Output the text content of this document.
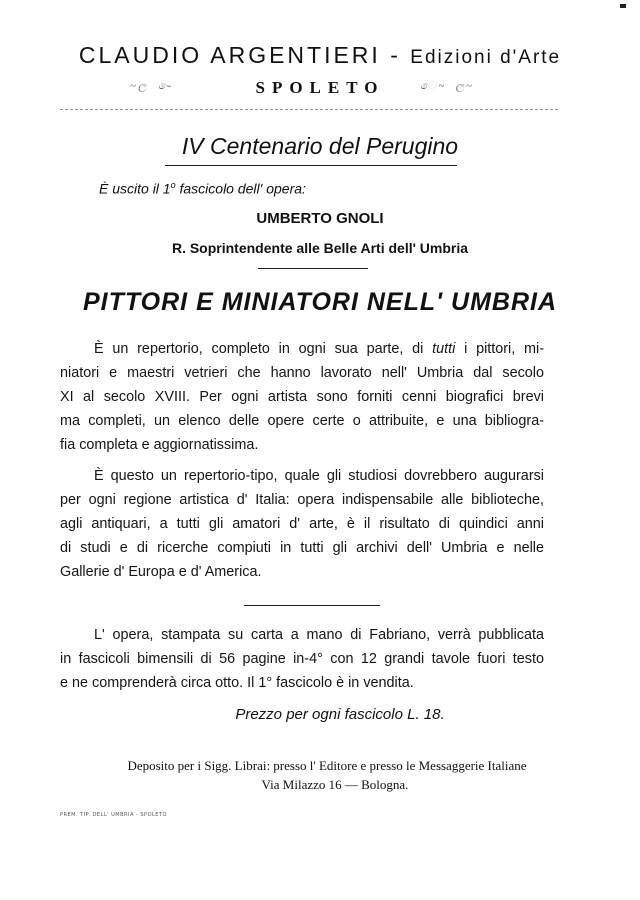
CLAUDIO ARGENTIERI - Edizioni d'Arte
~ල  ~ෙ	SPOLETO	ෙ~  ල~
IV Centenario del Perugino
È uscito il 1$^o$ fascicolo dell' opera:
UMBERTO GNOLI
R. Soprintendente alle Belle Arti dell' Umbria
PITTORI E MINIATORI NELL' UMBRIA
È un repertorio, completo in ogni sua parte, di tutti i pittori, mi-
niatori e maestri vetrieri che hanno lavorato nell' Umbria dal secolo
XI al secolo XVIII. Per ogni artista sono forniti cenni biografici brevi
ma completi, un elenco delle opere certe o attribuite, e una bibliogra-
fia completa e aggiornatissima.
È questo un repertorio-tipo, quale gli studiosi dovrebbero augurarsi
per ogni regione artistica d' Italia: opera indispensabile alle biblioteche,
agli antiquari, a tutti gli amatori d' arte, è il risultato di quindici anni
di studi e di ricerche compiuti in tutti gli archivi dell' Umbria e nelle
Gallerie d' Europa e d' America.
L' opera, stampata su carta a mano di Fabriano, verrà pubblicata
in fascicoli bimensili di 56 pagine in-4° con 12 grandi tavole fuori testo
e ne comprenderà circa otto. Il 1° fascicolo è in vendita.
Prezzo per ogni fascicolo L. 18.
Deposito per i Sigg. Librai: presso l' Editore e presso le Messaggerie Italiane
Via Milazzo 16 — Bologna.
PREM. TIP. DELL' UMBRIA - SPOLETO
